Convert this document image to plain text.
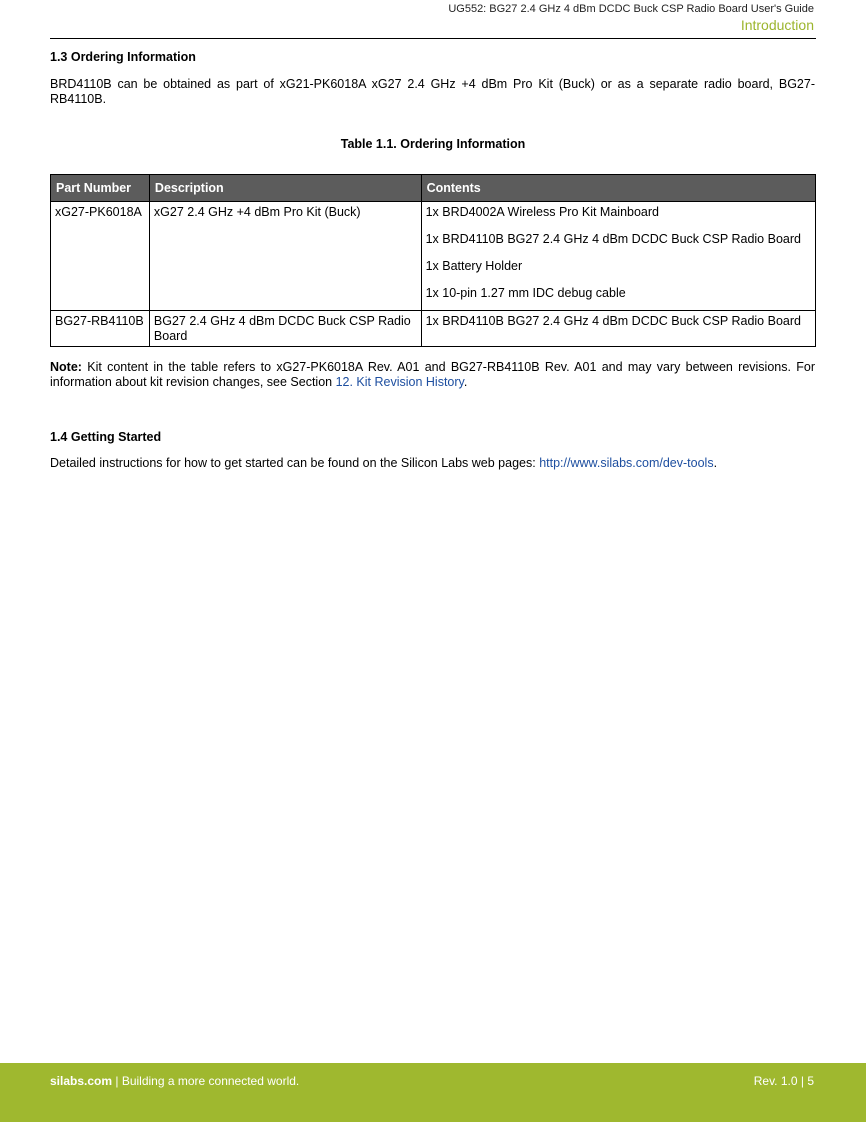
UG552: BG27 2.4 GHz 4 dBm DCDC Buck CSP Radio Board User's Guide
Introduction
1.3 Ordering Information

BRD4110B can be obtained as part of xG21-PK6018A xG27 2.4 GHz +4 dBm Pro Kit (Buck) or as a separate radio board, BG27-RB4110B.

Table 1.1. Ordering Information
Part Number	Description	Contents
xG27-PK6018A	xG27 2.4 GHz +4 dBm Pro Kit (Buck)	1x BRD4002A Wireless Pro Kit Mainboard
		1x BRD4110B BG27 2.4 GHz 4 dBm DCDC Buck CSP Radio Board
		1x Battery Holder
		1x 10-pin 1.27 mm IDC debug cable
BG27-RB4110B	BG27 2.4 GHz 4 dBm DCDC Buck CSP Radio Board	1x BRD4110B BG27 2.4 GHz 4 dBm DCDC Buck CSP Radio Board

Note: Kit content in the table refers to xG27-PK6018A Rev. A01 and BG27-RB4110B Rev. A01 and may vary between revisions. For information about kit revision changes, see Section 12. Kit Revision History.

1.4 Getting Started

Detailed instructions for how to get started can be found on the Silicon Labs web pages: http://www.silabs.com/dev-tools.

silabs.com | Building a more connected world.	Rev. 1.0 | 5
